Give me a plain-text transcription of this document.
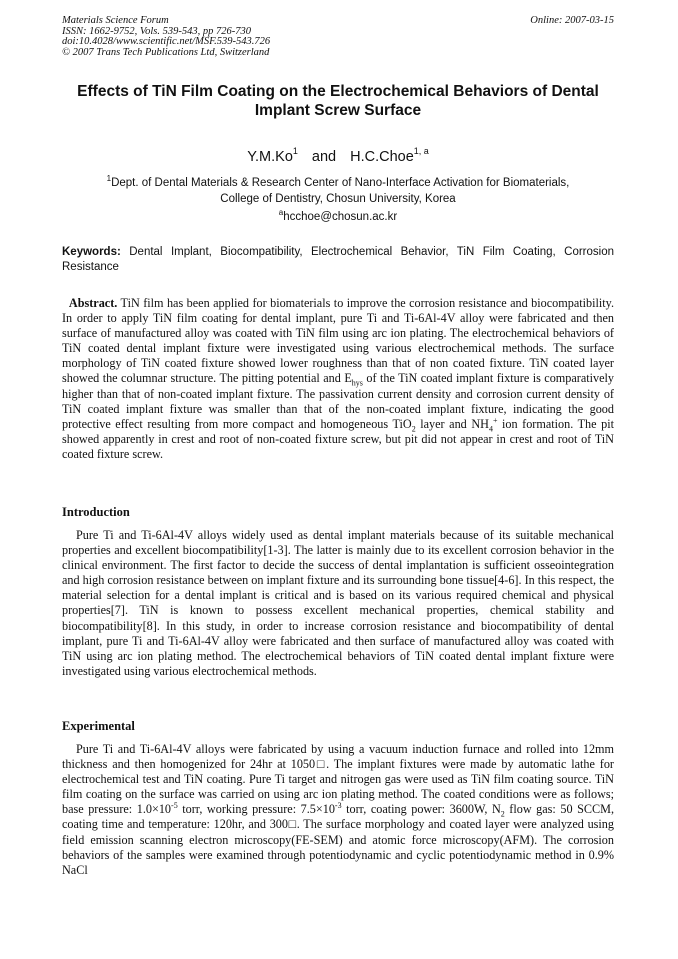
Materials Science Forum
ISSN: 1662-9752, Vols. 539-543, pp 726-730
doi:10.4028/www.scientific.net/MSF.539-543.726
© 2007 Trans Tech Publications Ltd, Switzerland
Online: 2007-03-15
Effects of TiN Film Coating on the Electrochemical Behaviors of Dental Implant Screw Surface
Y.M.Ko$^1$ and H.C.Choe$^{1, a}$
$^1$Dept. of Dental Materials & Research Center of Nano-Interface Activation for Biomaterials,
College of Dentistry, Chosun University, Korea
$^a$hcchoe@chosun.ac.kr
Keywords: Dental Implant, Biocompatibility, Electrochemical Behavior, TiN Film Coating, Corrosion Resistance
Abstract. TiN film has been applied for biomaterials to improve the corrosion resistance and biocompatibility. In order to apply TiN film coating for dental implant, pure Ti and Ti-6Al-4V alloy were fabricated and then surface of manufactured alloy was coated with TiN film using arc ion plating. The electrochemical behaviors of TiN coated dental implant fixture were investigated using various electrochemical methods. The surface morphology of TiN coated fixture showed lower roughness than that of non coated fixture. TiN coated layer showed the columnar structure. The pitting potential and $E_{hys}$ of the TiN coated implant fixture is comparatively higher than that of non-coated implant fixture. The passivation current density and corrosion current density of TiN coated implant fixture was smaller than that of the non-coated implant fixture, indicating the good protective effect resulting from more compact and homogeneous TiO$_2$ layer and $NH_4^+$ ion formation. The pit showed apparently in crest and root of non-coated fixture screw, but pit did not appear in crest and root of TiN coated fixture screw.
Introduction
Pure Ti and Ti-6Al-4V alloys widely used as dental implant materials because of its suitable mechanical properties and excellent biocompatibility[1-3]. The latter is mainly due to its excellent corrosion behavior in the clinical environment. The first factor to decide the success of dental implantation is sufficient osseointegration and high corrosion resistance between on implant fixture and its surrounding bone tissue[4-6]. In this respect, the material selection for a dental implant is critical and is based on its various required chemical and physical properties[7]. TiN is known to possess excellent mechanical properties, chemical stability and biocompatibility[8]. In this study, in order to increase corrosion resistance and biocompatibility of dental implant, pure Ti and Ti-6Al-4V alloy were fabricated and then surface of manufactured alloy was coated with TiN using arc ion plating method. The electrochemical behaviors of TiN coated dental implant fixture were investigated using various electrochemical methods.
Experimental
Pure Ti and Ti-6Al-4V alloys were fabricated by using a vacuum induction furnace and rolled into 12mm thickness and then homogenized for 24hr at 1050□. The implant fixtures were made by automatic lathe for electrochemical test and TiN coating. Pure Ti target and nitrogen gas were used as TiN film coating source. TiN film coating on the surface was carried on using arc ion plating method. The coated conditions were as follows; base pressure: $1.0\times 10^{-5}$ torr, working pressure: $7.5\times 10^{-3}$ torr, coating power: 3600W, $N_2$ flow gas: 50 SCCM, coating time and temperature: 120hr, and 300□. The surface morphology and coated layer were analyzed using field emission scanning electron microscopy(FE-SEM) and atomic force microscopy(AFM). The corrosion behaviors of the samples were examined through potentiodynamic and cyclic potentiodynamic method in 0.9% NaCl
